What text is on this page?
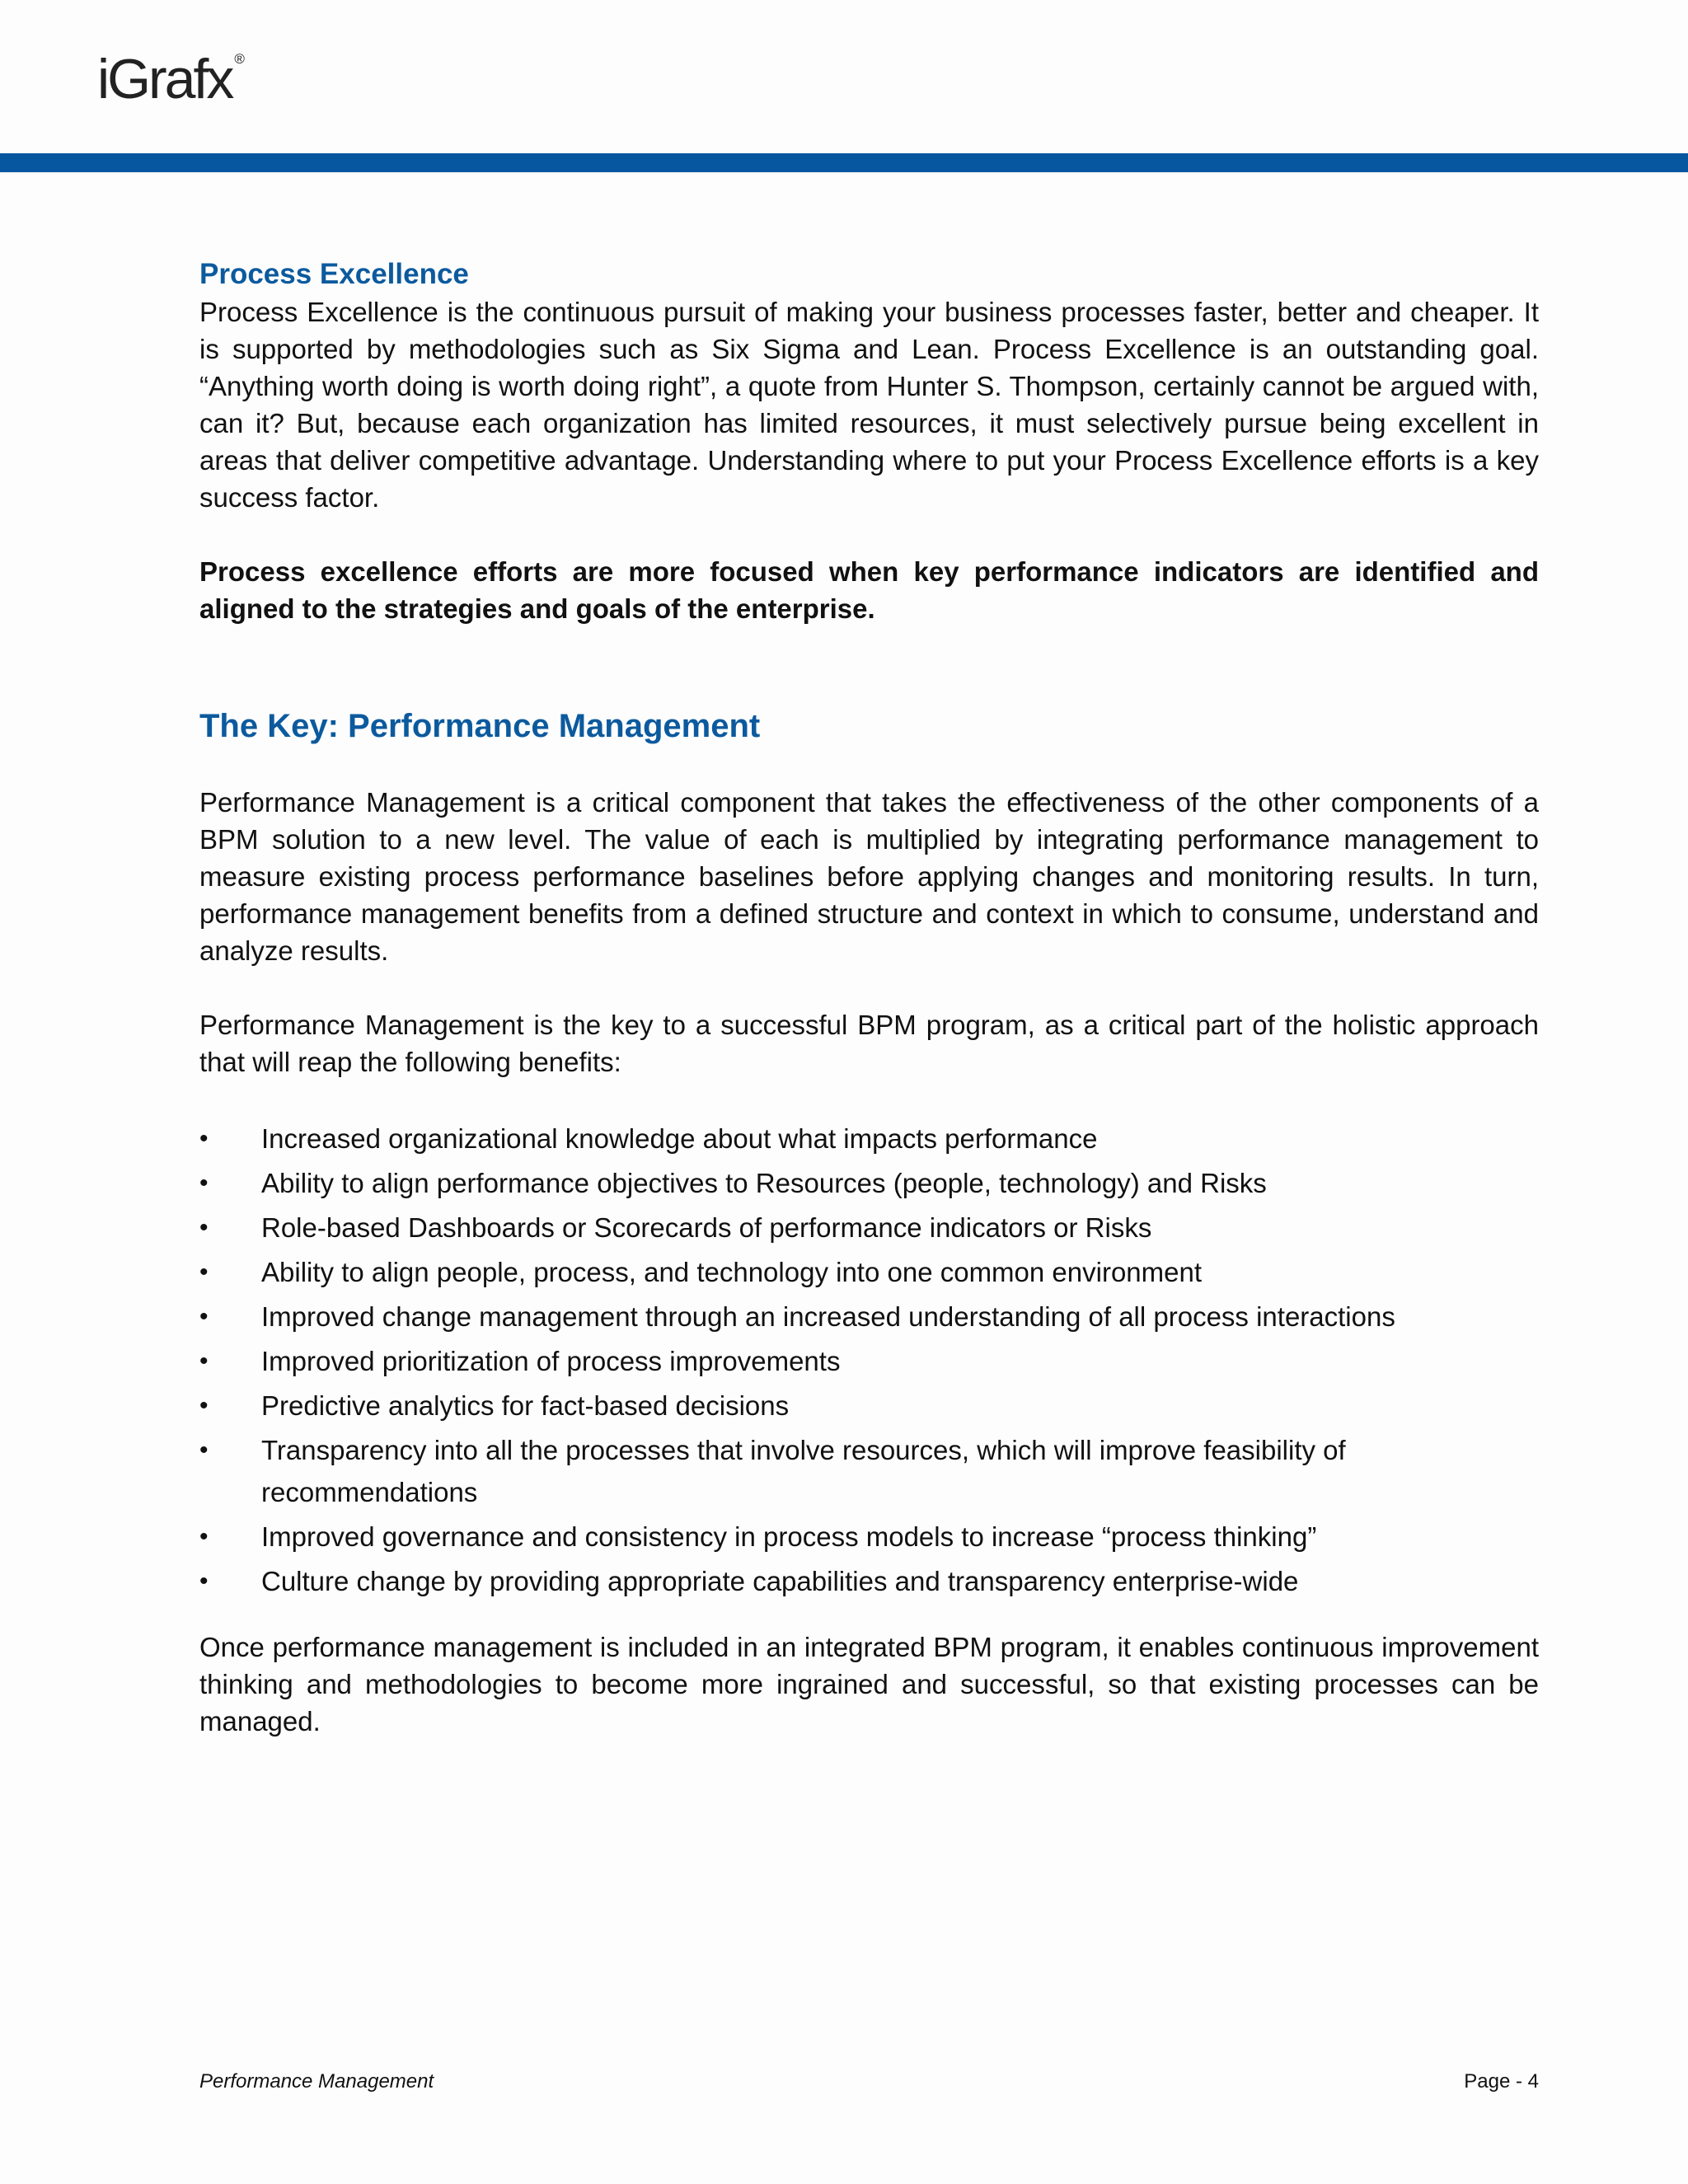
iGrafx ®
Process Excellence

Process Excellence is the continuous pursuit of making your business processes faster, better and cheaper. It is supported by methodologies such as Six Sigma and Lean. Process Excellence is an outstanding goal. “Anything worth doing is worth doing right”, a quote from Hunter S. Thompson, certainly cannot be argued with, can it? But, because each organization has limited resources, it must selectively pursue being excellent in areas that deliver competitive advantage. Understanding where to put your Process Excellence efforts is a key success factor.

Process excellence efforts are more focused when key performance indicators are identified and aligned to the strategies and goals of the enterprise.

The Key: Performance Management

Performance Management is a critical component that takes the effectiveness of the other components of a BPM solution to a new level. The value of each is multiplied by integrating performance management to measure existing process performance baselines before applying changes and monitoring results. In turn, performance management benefits from a defined structure and context in which to consume, understand and analyze results.

Performance Management is the key to a successful BPM program, as a critical part of the holistic approach that will reap the following benefits:

• Increased organizational knowledge about what impacts performance
• Ability to align performance objectives to Resources (people, technology) and Risks
• Role-based Dashboards or Scorecards of performance indicators or Risks
• Ability to align people, process, and technology into one common environment
• Improved change management through an increased understanding of all process interactions
• Improved prioritization of process improvements
• Predictive analytics for fact-based decisions
• Transparency into all the processes that involve resources, which will improve feasibility of recommendations
• Improved governance and consistency in process models to increase “process thinking”
• Culture change by providing appropriate capabilities and transparency enterprise-wide

Once performance management is included in an integrated BPM program, it enables continuous improvement thinking and methodologies to become more ingrained and successful, so that existing processes can be managed.

Performance Management	Page - 4
